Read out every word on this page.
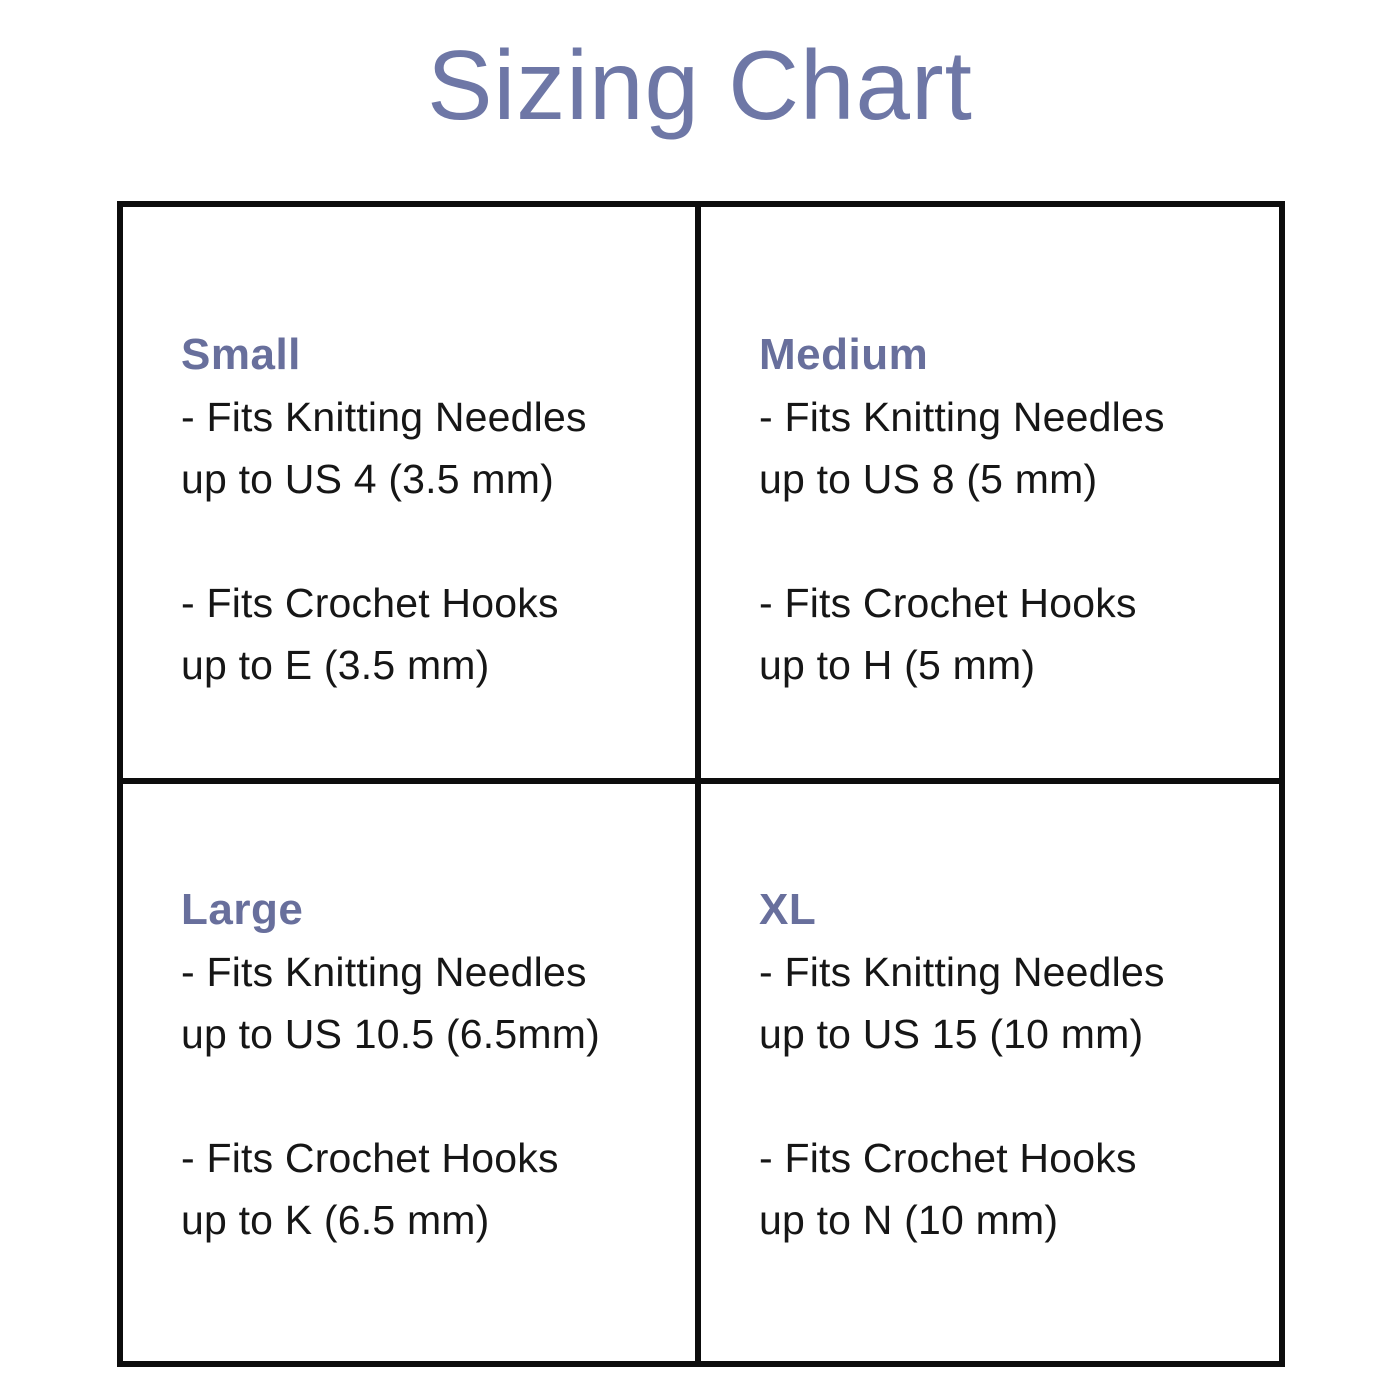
Sizing Chart
Small

- Fits Knitting Needles
up to US 4 (3.5 mm)

- Fits Crochet Hooks
up to E (3.5 mm)

Medium

- Fits Knitting Needles
up to US 8 (5 mm)

- Fits Crochet Hooks
up to H (5 mm)

Large

- Fits Knitting Needles
up to US 10.5 (6.5mm)

- Fits Crochet Hooks
up to K (6.5 mm)

XL

- Fits Knitting Needles
up to US 15 (10 mm)

- Fits Crochet Hooks
up to N (10 mm)
